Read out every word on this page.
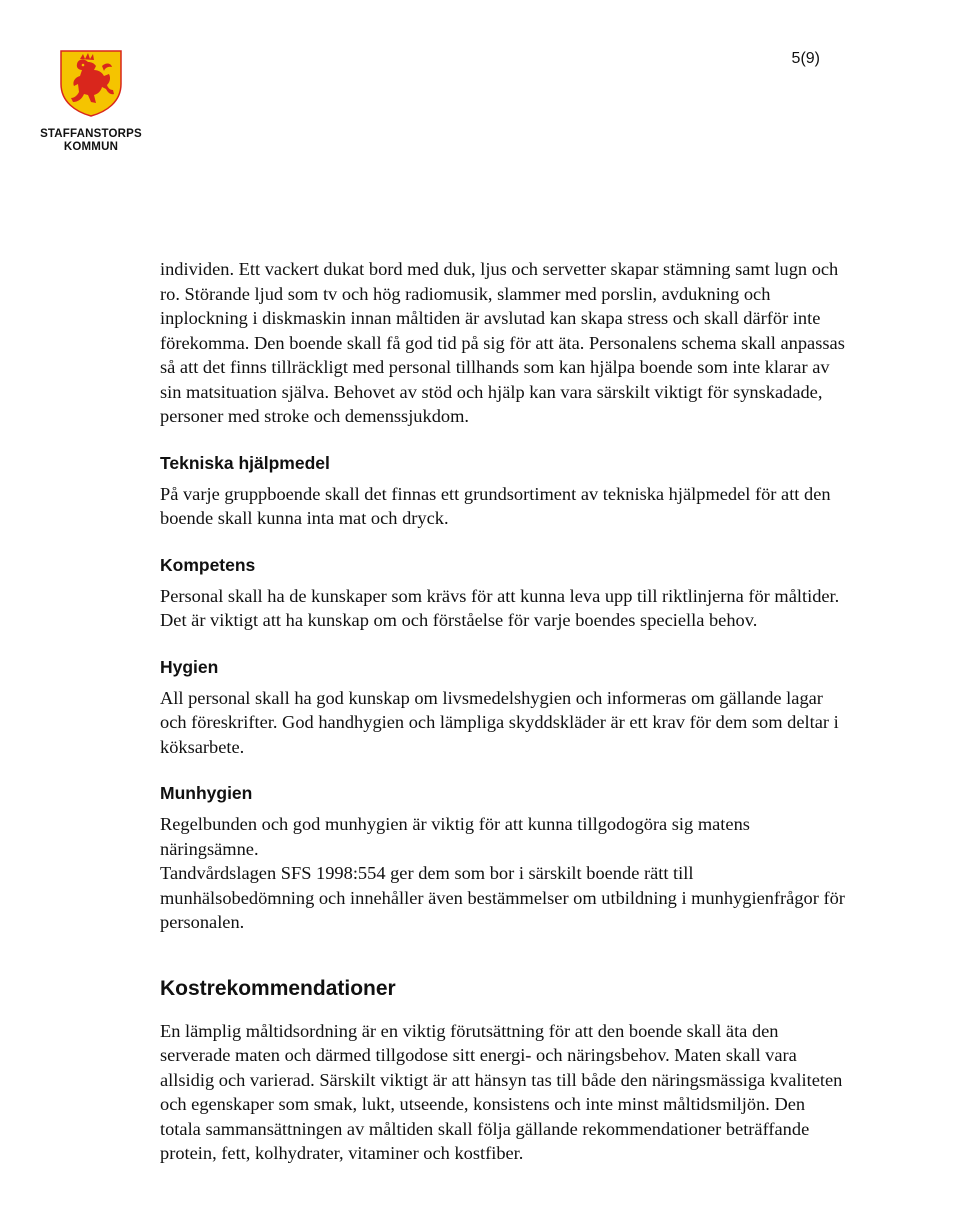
5(9)
STAFFANSTORPS
KOMMUN

individen. Ett vackert dukat bord med duk, ljus och servetter skapar stämning samt lugn och ro. Störande ljud som tv och hög radiomusik, slammer med porslin, avdukning och inplockning i diskmaskin innan måltiden är avslutad kan skapa stress och skall därför inte förekomma. Den boende skall få god tid på sig för att äta. Personalens schema skall anpassas så att det finns tillräckligt med personal tillhands som kan hjälpa boende som inte klarar av sin matsituation själva. Behovet av stöd och hjälp kan vara särskilt viktigt för synskadade, personer med stroke och demenssjukdom.

Tekniska hjälpmedel

På varje gruppboende skall det finnas ett grundsortiment av tekniska hjälpmedel för att den boende skall kunna inta mat och dryck.

Kompetens

Personal skall ha de kunskaper som krävs för att kunna leva upp till riktlinjerna för måltider. Det är viktigt att ha kunskap om och förståelse för varje boendes speciella behov.

Hygien

All personal skall ha god kunskap om livsmedelshygien och informeras om gällande lagar och föreskrifter. God handhygien och lämpliga skyddskläder är ett krav för dem som deltar i köksarbete.

Munhygien

Regelbunden och god munhygien är viktig för att kunna tillgodogöra sig matens näringsämne.

Tandvårdslagen SFS 1998:554 ger dem som bor i särskilt boende rätt till munhälsobedömning och innehåller även bestämmelser om utbildning i munhygienfrågor för personalen.

Kostrekommendationer

En lämplig måltidsordning är en viktig förutsättning för att den boende skall äta den serverade maten och därmed tillgodose sitt energi- och näringsbehov. Maten skall vara allsidig och varierad. Särskilt viktigt är att hänsyn tas till både den näringsmässiga kvaliteten och egenskaper som smak, lukt, utseende, konsistens och inte minst måltidsmiljön. Den totala sammansättningen av måltiden skall följa gällande rekommendationer beträffande protein, fett, kolhydrater, vitaminer och kostfiber.
